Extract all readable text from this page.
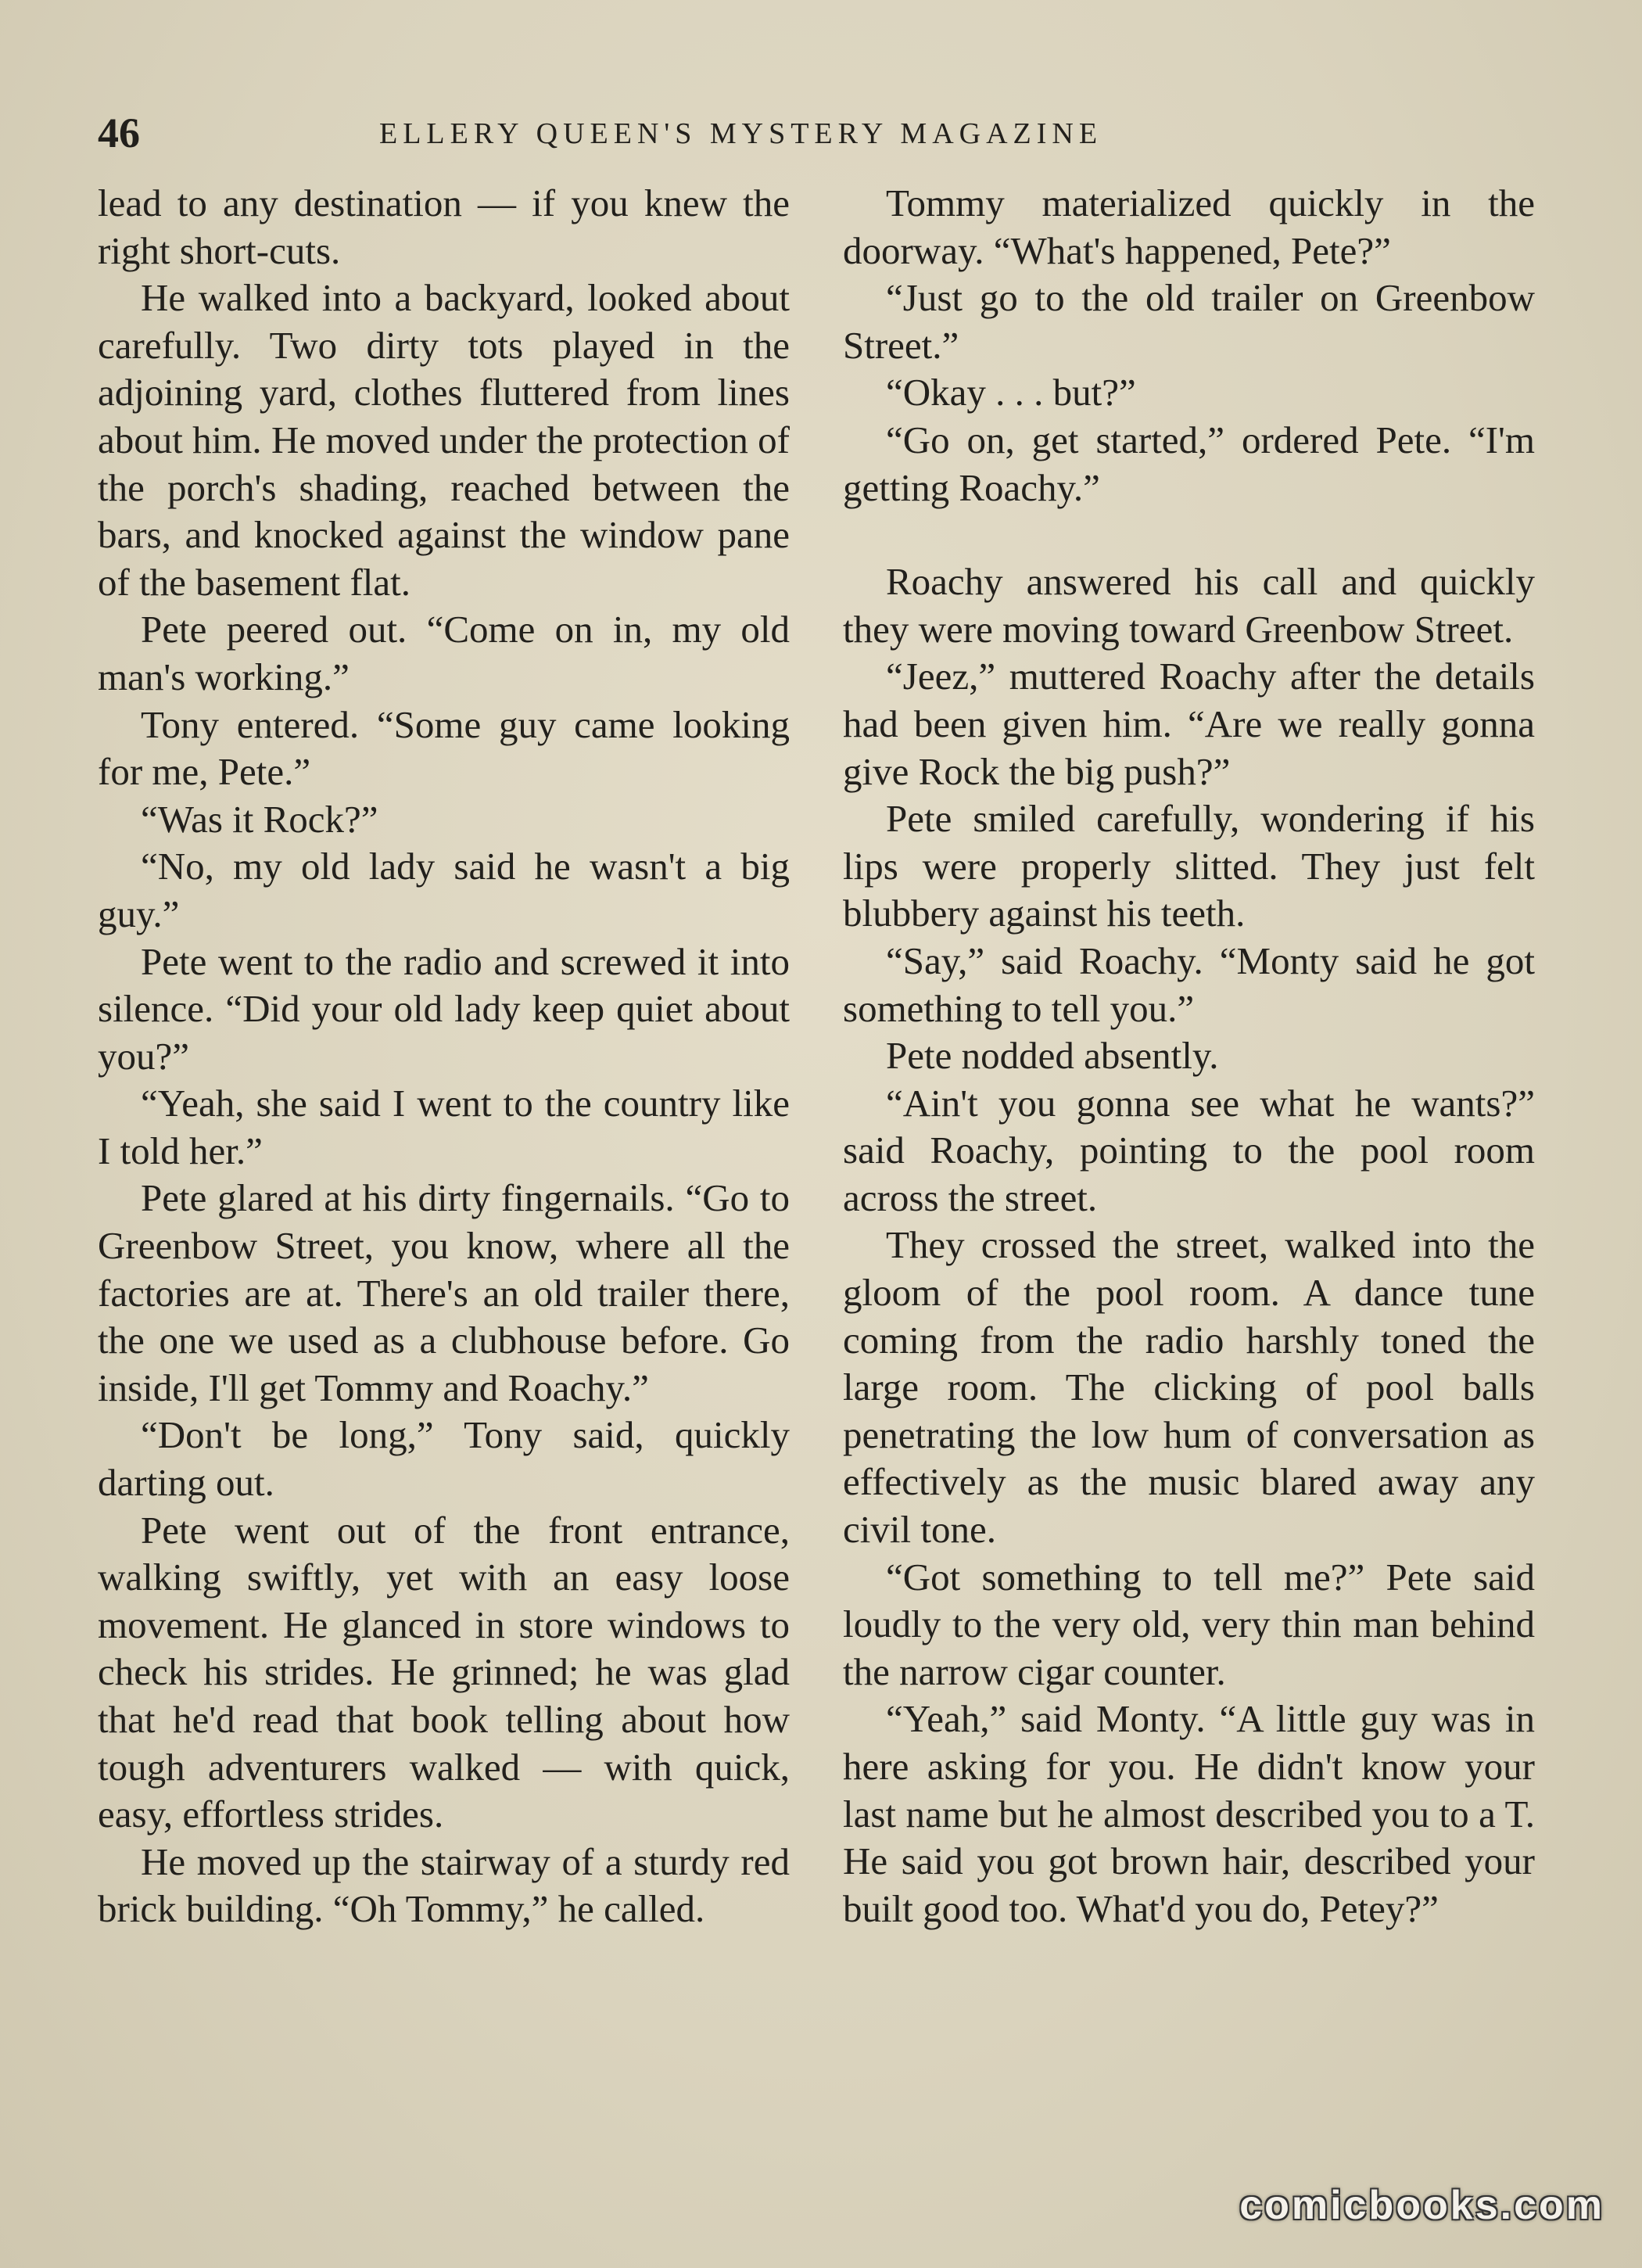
46	ELLERY QUEEN'S MYSTERY MAGAZINE

lead to any destination — if you knew the right short-cuts.

He walked into a backyard, looked about carefully. Two dirty tots played in the adjoining yard, clothes fluttered from lines about him. He moved under the protection of the porch's shading, reached between the bars, and knocked against the window pane of the basement flat.

Pete peered out. “Come on in, my old man's working.”

Tony entered. “Some guy came looking for me, Pete.”

“Was it Rock?”

“No, my old lady said he wasn't a big guy.”

Pete went to the radio and screwed it into silence. “Did your old lady keep quiet about you?”

“Yeah, she said I went to the country like I told her.”

Pete glared at his dirty fingernails. “Go to Greenbow Street, you know, where all the factories are at. There's an old trailer there, the one we used as a clubhouse before. Go inside, I'll get Tommy and Roachy.”

“Don't be long,” Tony said, quickly darting out.

Pete went out of the front entrance, walking swiftly, yet with an easy loose movement. He glanced in store windows to check his strides. He grinned; he was glad that he'd read that book telling about how tough adventurers walked — with quick, easy, effortless strides.

He moved up the stairway of a sturdy red brick building. “Oh Tommy,” he called.

Tommy materialized quickly in the doorway. “What's happened, Pete?”

“Just go to the old trailer on Greenbow Street.”

“Okay . . . but?”

“Go on, get started,” ordered Pete. “I'm getting Roachy.”

Roachy answered his call and quickly they were moving toward Greenbow Street.

“Jeez,” muttered Roachy after the details had been given him. “Are we really gonna give Rock the big push?”

Pete smiled carefully, wondering if his lips were properly slitted. They just felt blubbery against his teeth.

“Say,” said Roachy. “Monty said he got something to tell you.”

Pete nodded absently.

“Ain't you gonna see what he wants?” said Roachy, pointing to the pool room across the street.

They crossed the street, walked into the gloom of the pool room. A dance tune coming from the radio harshly toned the large room. The clicking of pool balls penetrating the low hum of conversation as effectively as the music blared away any civil tone.

“Got something to tell me?” Pete said loudly to the very old, very thin man behind the narrow cigar counter.

“Yeah,” said Monty. “A little guy was in here asking for you. He didn't know your last name but he almost described you to a T. He said you got brown hair, described your built good too. What'd you do, Petey?”

comicbooks.com
